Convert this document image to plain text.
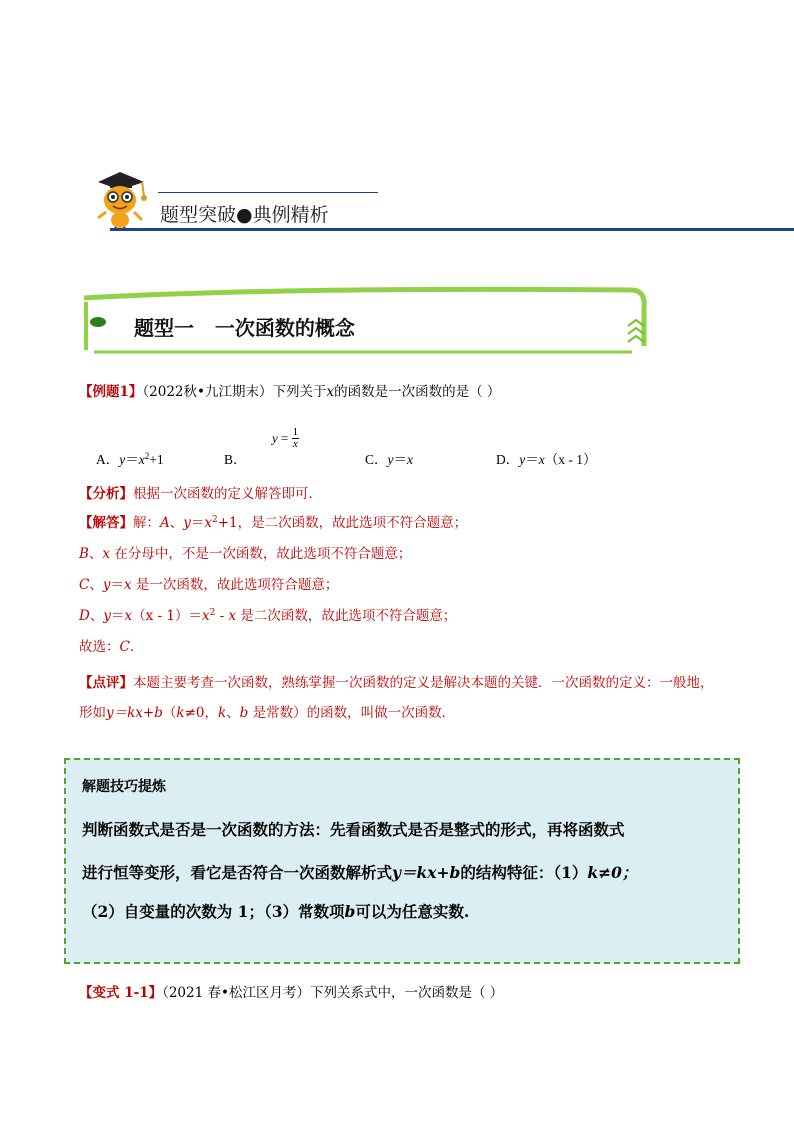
题型突破●典例精析
题型一   一次函数的概念
【例题1】（2022秋•九江期末）下列关于x的函数是一次函数的是（ ）
A．$y=x^2+1$	B．
$y = \frac{1}{x}$
C．y＝x	D．y＝x（x - 1）
【分析】根据一次函数的定义解答即可．
【解答】解：A、$y=x^2+1$，是二次函数，故此选项不符合题意；
B、x 在分母中，不是一次函数，故此选项不符合题意；
C、y＝x 是一次函数，故此选项符合题意；
D、$y=x(x - 1)=x^2 - x$ 是二次函数，故此选项不符合题意；
故选：C．
【点评】本题主要考查一次函数，熟练掌握一次函数的定义是解决本题的关键．一次函数的定义：一般地，
形如y＝kx+b（k≠0，k、b 是常数）的函数，叫做一次函数．
解题技巧提炼
判断函数式是否是一次函数的方法：先看函数式是否是整式的形式，再将函数式
进行恒等变形，看它是否符合一次函数解析式y＝kx+b的结构特征：（1）k≠0；
（2）自变量的次数为 1；（3）常数项b可以为任意实数.
【变式 1-1】（2021 春•松江区月考）下列关系式中，一次函数是（ ）
